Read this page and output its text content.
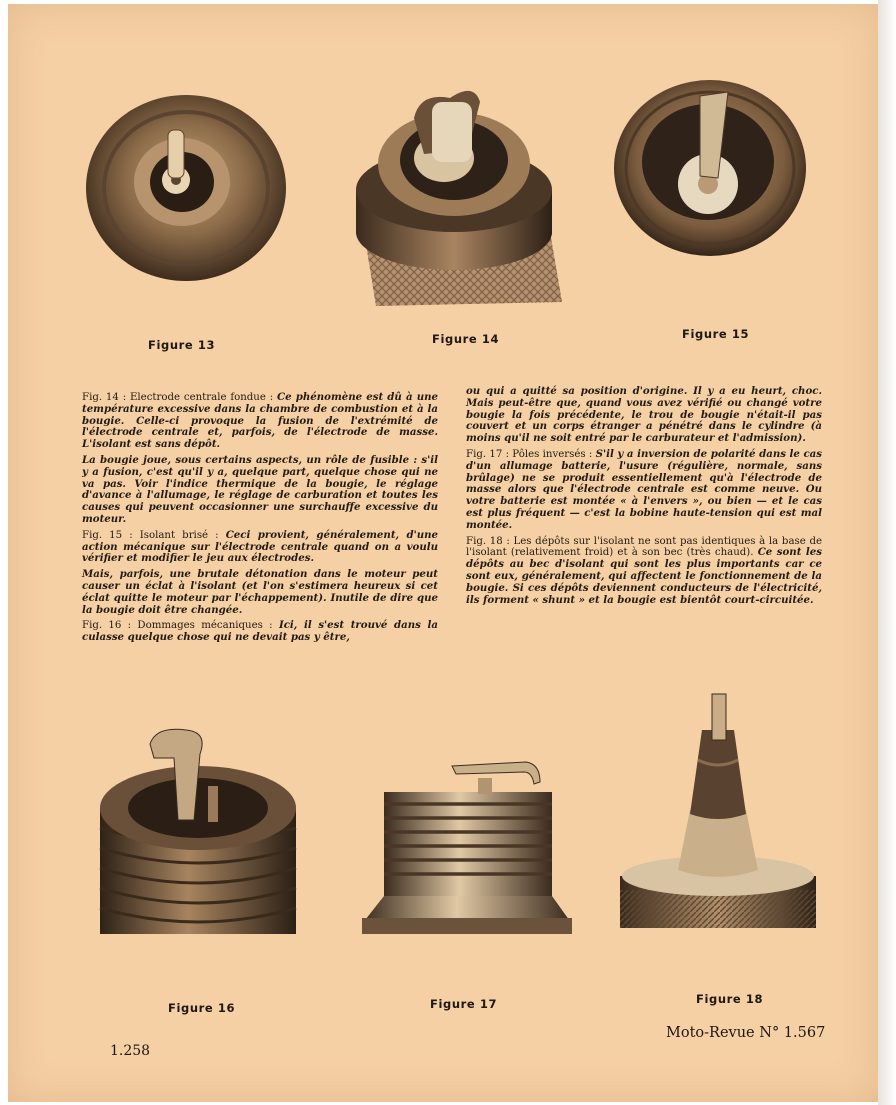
Figure 13	Figure 14	Figure 15

Fig. 14 : Electrode centrale fondue : Ce phénomène est dû à une température excessive dans la chambre de combustion et à la bougie. Celle-ci provoque la fusion de l'extrémité de l'électrode centrale et, parfois, de l'électrode de masse. L'isolant est sans dépôt.

La bougie joue, sous certains aspects, un rôle de fusible : s'il y a fusion, c'est qu'il y a, quelque part, quelque chose qui ne va pas. Voir l'indice thermique de la bougie, le réglage d'avance à l'allumage, le réglage de carburation et toutes les causes qui peuvent occasionner une surchauffe excessive du moteur.

Fig. 15 : Isolant brisé : Ceci provient, généralement, d'une action mécanique sur l'électrode centrale quand on a voulu vérifier et modifier le jeu aux électrodes.

Mais, parfois, une brutale détonation dans le moteur peut causer un éclat à l'isolant (et l'on s'estimera heureux si cet éclat quitte le moteur par l'échappement). Inutile de dire que la bougie doit être changée.

Fig. 16 : Dommages mécaniques : Ici, il s'est trouvé dans la culasse quelque chose qui ne devait pas y être,

ou qui a quitté sa position d'origine. Il y a eu heurt, choc. Mais peut-être que, quand vous avez vérifié ou changé votre bougie la fois précédente, le trou de bougie n'était-il pas couvert et un corps étranger a pénétré dans le cylindre (à moins qu'il ne soit entré par le carburateur et l'admission).

Fig. 17 : Pôles inversés : S'il y a inversion de polarité dans le cas d'un allumage batterie, l'usure (régulière, normale, sans brûlage) ne se produit essentiellement qu'à l'électrode de masse alors que l'électrode centrale est comme neuve. Ou votre batterie est montée « à l'envers », ou bien — et le cas est plus fréquent — c'est la bobine haute-tension qui est mal montée.

Fig. 18 : Les dépôts sur l'isolant ne sont pas identiques à la base de l'isolant (relativement froid) et à son bec (très chaud). Ce sont les dépôts au bec d'isolant qui sont les plus importants car ce sont eux, généralement, qui affectent le fonctionnement de la bougie. Si ces dépôts deviennent conducteurs de l'électricité, ils forment « shunt » et la bougie est bientôt court-circuitée.

Figure 16	Figure 17	Figure 18
1.258
Moto-Revue N° 1.567
